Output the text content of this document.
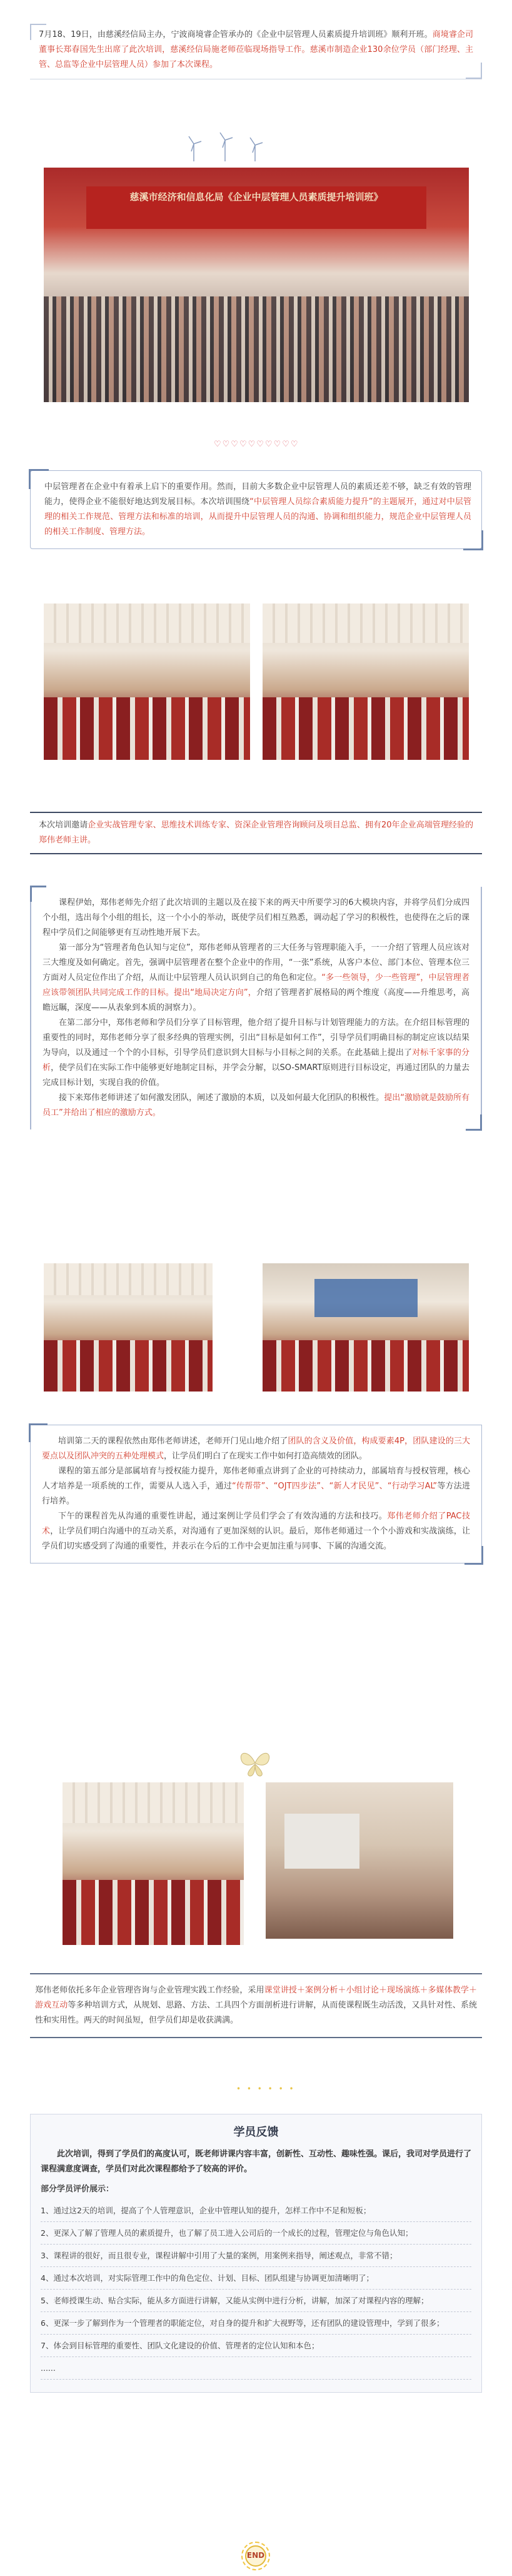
7月18、19日，由慈溪经信局主办，宁波商境睿企管承办的《企业中层管理人员素质提升培训班》顺利开班。商境睿企司董事长郑春国先生出席了此次培训，慈溪经信局施老师莅临现场指导工作。慈溪市制造企业130余位学员（部门经理、主管、总监等企业中层管理人员）参加了本次课程。

慈溪市经济和信息化局《企业中层管理人员素质提升培训班》
♡♡♡♡♡♡♡♡♡♡

中层管理者在企业中有着承上启下的重要作用。然而，目前大多数企业中层管理人员的素质还差不够，缺乏有效的管理能力，使得企业不能很好地达到发展目标。本次培训围绕“中层管理人员综合素质能力提升”的主题展开，通过对中层管理的相关工作规范、管理方法和标准的培训，从而提升中层管理人员的沟通、协调和组织能力，规范企业中层管理人员的相关工作制度、管理方法。

本次培训邀请企业实战管理专家、思维技术训练专家、资深企业管理咨询顾问及项目总监、拥有20年企业高端管理经验的郑伟老师主讲。

课程伊始，郑伟老师先介绍了此次培训的主题以及在接下来的两天中所要学习的6大模块内容，并将学员们分成四个小组，选出每个小组的组长，这一个小小的举动，既使学员们相互熟悉，调动起了学习的积极性，也使得在之后的课程中学员们之间能够更有互动性地开展下去。

第一部分为“管理者角色认知与定位”，郑伟老师从管理者的三大任务与管理职能入手，一一介绍了管理人员应该对三大维度及如何确定。首先，强调中层管理者在整个企业中的作用，“一张”系统，从客户本位、部门本位、管理本位三方面对人员定位作出了介绍，从而让中层管理人员认识到自己的角色和定位。“多一些领导，少一些管理”，中层管理者应该带领团队共同完成工作的目标。提出“地局决定方向”，介绍了管理者扩展格局的两个维度（高度——升维思考，高瞻远瞩，深度——从表象到本质的洞察力）。

在第二部分中，郑伟老师和学员们分享了目标管理，他介绍了提升目标与计划管理能力的方法。在介绍目标管理的重要性的同时，郑伟老师分享了很多经典的管理实例，引出“目标是如何工作”，引导学员们明确目标的制定应该以结果为导向，以及通过一个个的小目标，引导学员们意识到大目标与小目标之间的关系。在此基础上提出了对标千家事的分析，使学员们在实际工作中能够更好地制定目标，并学会分解，以SO-SMART原则进行目标设定，再通过团队的力量去完成目标计划，实现自我的价值。

接下来郑伟老师讲述了如何激发团队，阐述了激励的本质，以及如何最大化团队的积极性。提出“激励就是鼓励所有员工”并给出了相应的激励方式。

培训第二天的课程依然由郑伟老师讲述，老师开门见山地介绍了团队的含义及价值，构成要素4P，团队建设的三大要点以及团队冲突的五种处理模式，让学员们明白了在现实工作中如何打造高绩效的团队。

课程的第五部分是部属培育与授权能力提升，郑伟老师重点讲到了企业的可持续动力，部属培育与授权管理，核心人才培养是一项系统的工作，需要从人选入手，通过“传帮带”、“OJT四步法”、“新人才民见”、“行动学习AL”等方法进行培养。

下午的课程首先从沟通的重要性讲起，通过案例让学员们学会了有效沟通的方法和技巧。郑伟老师介绍了PAC技术，让学员们明白沟通中的互动关系，对沟通有了更加深刻的认识。最后，郑伟老师通过一个个小游戏和实战演练，让学员们切实感受到了沟通的重要性，并表示在今后的工作中会更加注重与同事、下属的沟通交流。

郑伟老师依托多年企业管理咨询与企业管理实践工作经验，采用课堂讲授＋案例分析＋小组讨论＋现场演练＋多媒体教学＋游戏互动等多种培训方式，从规划、思路、方法、工具四个方面剖析进行讲解，从而使课程既生动活泼，又具针对性、系统性和实用性。两天的时间虽短，但学员们却是收获满满。

• • • • • •
学员反馈

此次培训，得到了学员们的高度认可，既老师讲课内容丰富，创新性、互动性、趣味性强。课后，我司对学员进行了课程满意度调查，学员们对此次课程都给予了较高的评价。

部分学员评价展示：

1、通过这2天的培训，提高了个人管理意识，企业中管理认知的提升，怎样工作中不足和短板；
2、更深入了解了管理人员的素质提升，也了解了员工进入公司后的一个成长的过程，管理定位与角色认知；
3、课程讲的很好，而且很专业，课程讲解中引用了大量的案例，用案例来指导，阐述观点，非常不错；
4、通过本次培训，对实际管理工作中的角色定位、计划、目标、团队组建与协调更加清晰明了；
5、老师授课生动、贴合实际，能从多方面进行讲解，又能从实例中进行分析，讲解，加深了对课程内容的理解；
6、更深一步了解到作为一个管理者的职能定位，对自身的提升和扩大视野等，还有团队的建设管理中，学到了很多；
7、体会到目标管理的重要性、团队文化建设的价值、管理者的定位认知和本色；
......
END
